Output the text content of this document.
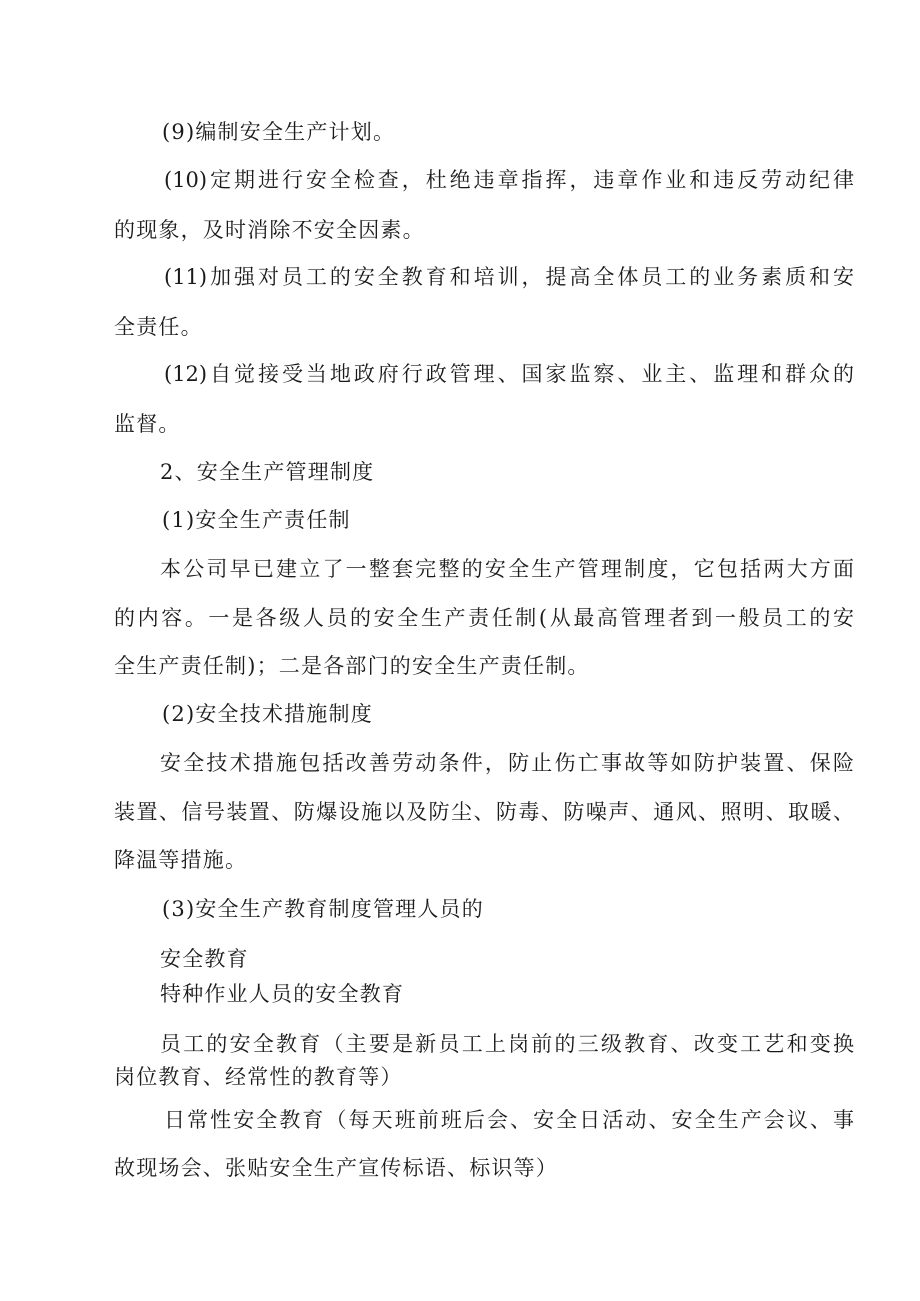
(9)编制安全生产计划。
(10)定期进行安全检查，杜绝违章指挥，违章作业和违反劳动纪律
的现象，及时消除不安全因素。
(11)加强对员工的安全教育和培训，提高全体员工的业务素质和安
全责任。
(12)自觉接受当地政府行政管理、国家监察、业主、监理和群众的
监督。
2、安全生产管理制度
(1)安全生产责任制
本公司早已建立了一整套完整的安全生产管理制度，它包括两大方面
的内容。一是各级人员的安全生产责任制(从最高管理者到一般员工的安
全生产责任制)；二是各部门的安全生产责任制。
(2)安全技术措施制度
安全技术措施包括改善劳动条件，防止伤亡事故等如防护装置、保险
装置、信号装置、防爆设施以及防尘、防毒、防噪声、通风、照明、取暖、
降温等措施。
(3)安全生产教育制度管理人员的
安全教育
特种作业人员的安全教育
员工的安全教育（主要是新员工上岗前的三级教育、改变工艺和变换
岗位教育、经常性的教育等）
日常性安全教育（每天班前班后会、安全日活动、安全生产会议、事
故现场会、张贴安全生产宣传标语、标识等）
